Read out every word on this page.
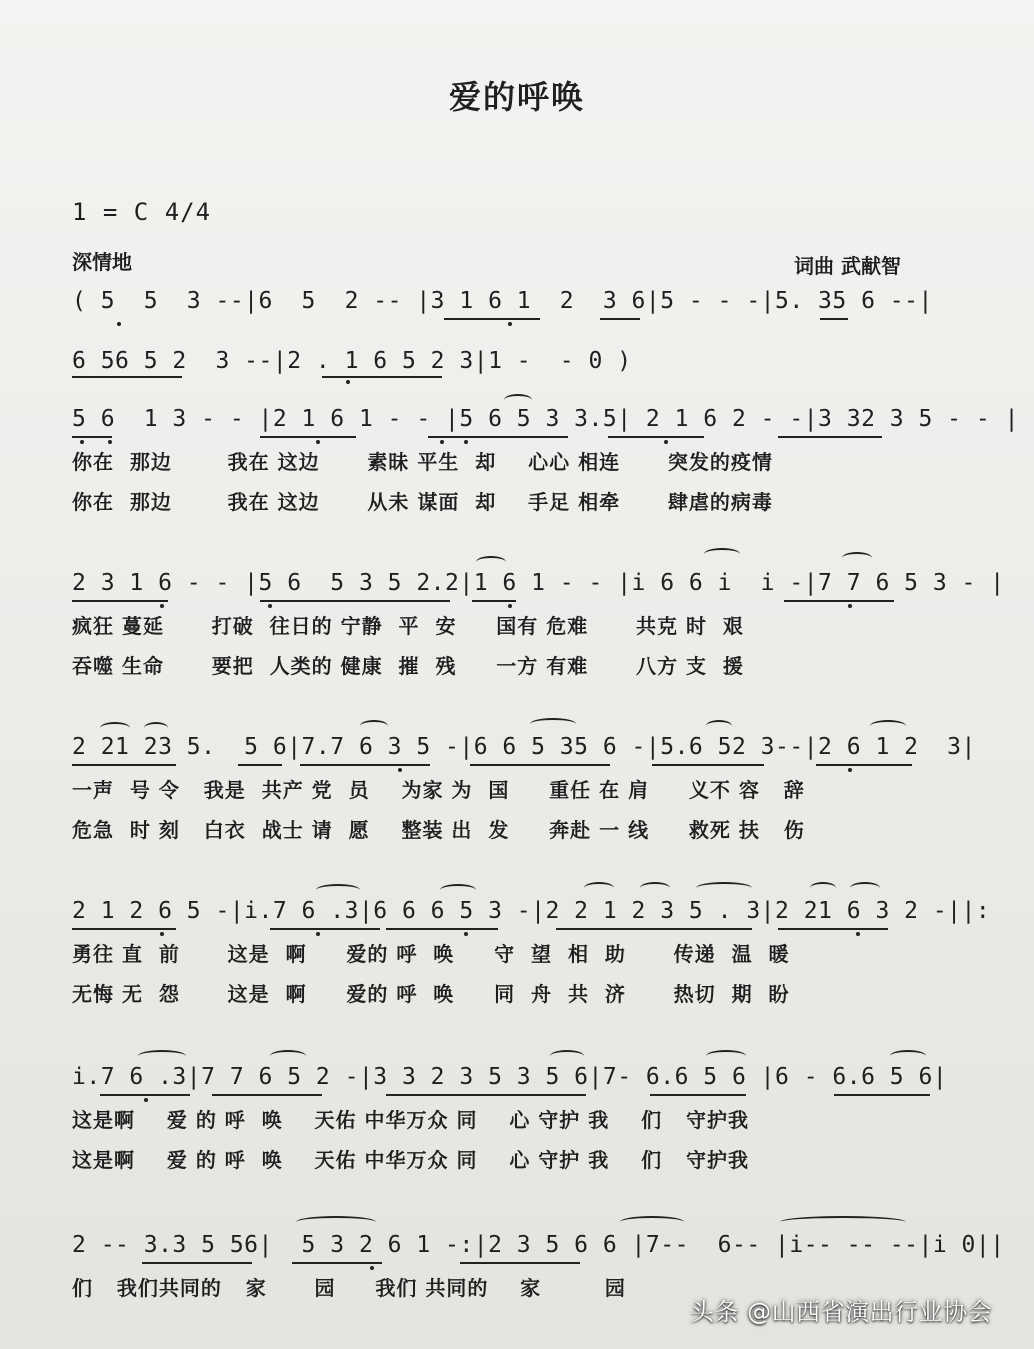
爱的呼唤
1 = C 4/4
深情地	词曲 武献智
( 5  5  3 --|6  5  2 -- |3 1 6 1  2  3 6|5 - - -|5. 35 6 --|
6 56 5 2  3 --|2 . 1 6 5 2 3|1 -  - 0 )
5 6  1 3 - - |2 1 6 1 - - |5 6 5 3 3.5| 2 1 6 2 - -|3 32 3 5 - - |
你在  那边       我在 这边      素昧 平生  却    心心 相连      突发的疫情
你在  那边       我在 这边      从未 谋面  却    手足 相牵      肆虐的病毒
2 3 1 6 - - |5 6  5 3 5 2.2|1 6 1 - - |i 6 6 i  i -|7 7 6 5 3 - |
疯狂 蔓延      打破  往日的 宁静  平  安     国有 危难      共克 时  艰
吞噬 生命      要把  人类的 健康  摧  残     一方 有难      八方 支  援
2 21 23 5.  5 6|7.7 6 3 5 -|6 6 5 35 6 -|5.6 52 3--|2 6 1 2  3|
一声  号 令   我是  共产 党  员    为家 为  国     重任 在 肩     义不 容   辞
危急  时 刻   白衣  战士 请  愿    整装 出  发     奔赴 一 线     救死 扶   伤
2 1 2 6 5 -|i.7 6 .3|6 6 6 5 3 -|2 2 1 2 3 5 . 3|2 21 6 3 2 -||:
勇往 直  前      这是  啊     爱的 呼  唤     守  望  相  助      传递  温  暖
无悔 无  怨      这是  啊     爱的 呼  唤     同  舟  共  济      热切  期  盼
i.7 6 .3|7 7 6 5 2 -|3 3 2 3 5 3 5 6|7- 6.6 5 6 |6 - 6.6 5 6|
这是啊    爱 的 呼  唤    天佑 中华万众 同    心 守护 我    们   守护我
这是啊    爱 的 呼  唤    天佑 中华万众 同    心 守护 我    们   守护我
2 -- 3.3 5 56|  5 3 2 6 1 -:|2 3 5 6 6 |7--  6-- |i-- -- --|i 0||
们   我们共同的   家      园     我们 共同的    家        园
头条 @山西省演出行业协会
